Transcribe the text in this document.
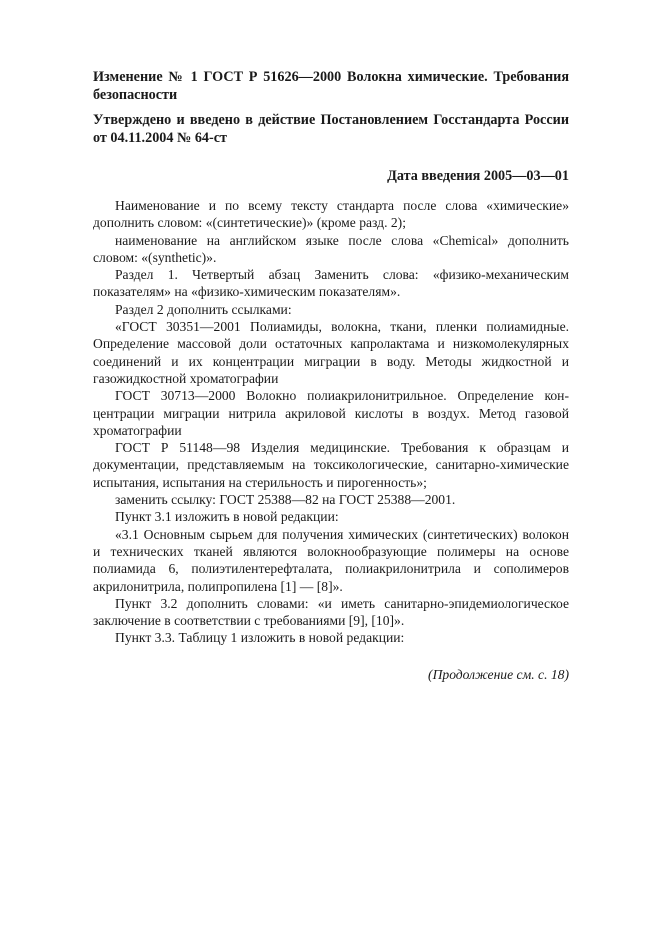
Изменение № 1 ГОСТ Р 51626—2000 Волокна химические. Требования безопасности
Утверждено и введено в действие Постановлением Госстандарта России от 04.11.2004 № 64-ст
Дата введения 2005—03—01

Наименование и по всему тексту стандарта после слова «химические» дополнить словом: «(синтетические)» (кроме разд. 2);

наименование на английском языке после слова «Chemical» дополнить словом: «(synthetic)».

Раздел 1. Четвертый абзац Заменить слова: «физико-механическим показателям» на «физико-химическим показателям».

Раздел 2 дополнить ссылками:

«ГОСТ 30351—2001 Полиамиды, волокна, ткани, пленки полиамидные. Определение массовой доли остаточных капролактама и низкомолекулярных соединений и их концентрации миграции в воду. Методы жидкостной и газожидкостной хроматографии

ГОСТ 30713—2000 Волокно полиакрилонитрильное. Определение концентрации миграции нитрила акриловой кислоты в воздух. Метод газовой хроматографии

ГОСТ Р 51148—98 Изделия медицинские. Требования к образцам и документации, представляемым на токсикологические, санитарно-химические испытания, испытания на стерильность и пирогенность»;

заменить ссылку: ГОСТ 25388—82 на ГОСТ 25388—2001.

Пункт 3.1 изложить в новой редакции:

«3.1 Основным сырьем для получения химических (синтетических) волокон и технических тканей являются волокнообразующие полимеры на основе полиамида 6, полиэтилентерефталата, полиакрилонитрила и сополимеров акрилонитрила, полипропилена [1] — [8]».

Пункт 3.2 дополнить словами: «и иметь санитарно-эпидемиологическое заключение в соответствии с требованиями [9], [10]».

Пункт 3.3. Таблицу 1 изложить в новой редакции:

(Продолжение см. с. 18)
